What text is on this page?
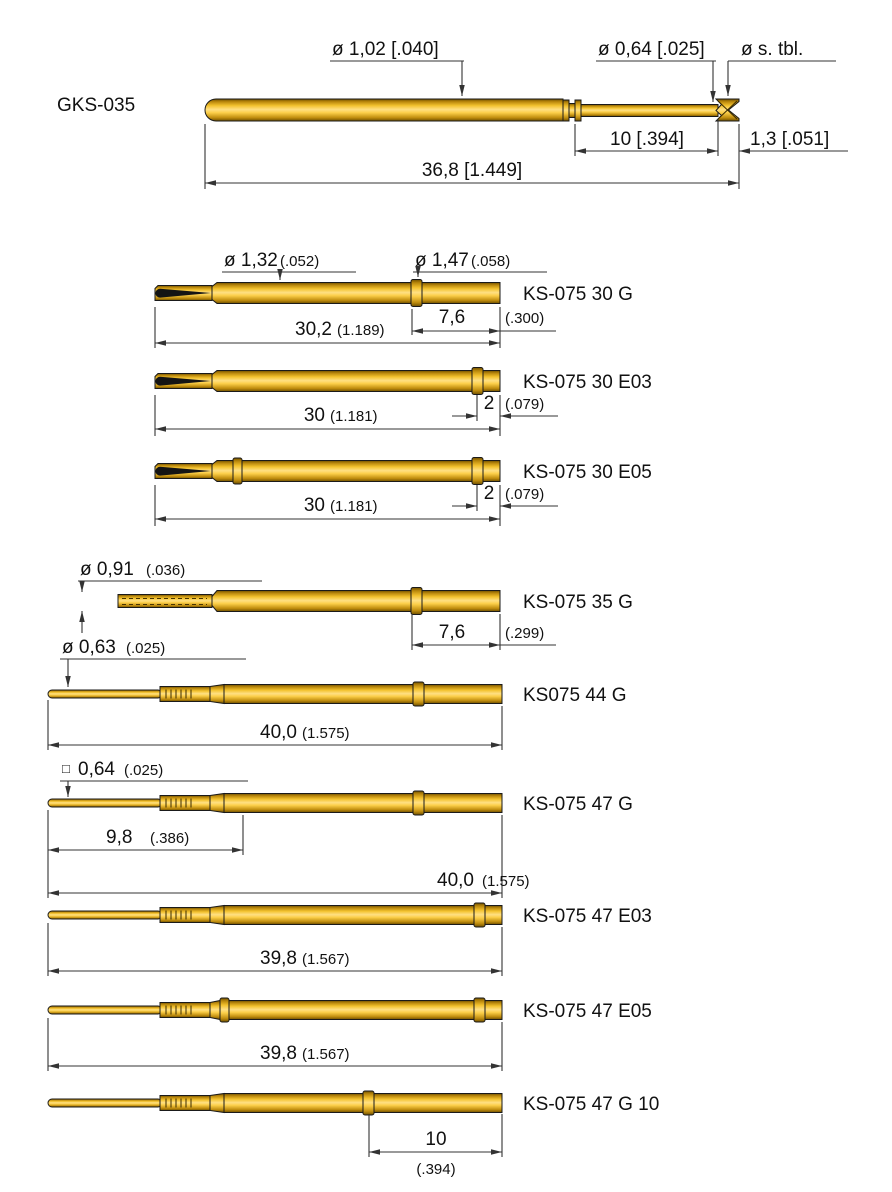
GKS-035
ø 1,02 [.040]	ø 0,64 [.025] ø s. tbl.
10 [.394]	1,3 [.051]
36,8 [1.449]
KS-075 30 G
ø 1,32 (.052)	ø 1,47 (.058)
7,6	(.300)
30,2 (1.189)
KS-075 30 E03
2 (.079)
30 (1.181)
KS-075 30 E05
2 (.079)
30 (1.181)
KS-075 35 G
ø 0,91 (.036)
7,6	(.299)
KS075 44 G
ø 0,63 (.025)
40,0 (1.575)
KS-075 47 G
□ 0,64 (.025)
9,8 (.386)
40,0 (1.575)
KS-075 47 E03
39,8 (1.567)
KS-075 47 E05
39,8 (1.567)
KS-075 47 G 10
10
(.394)
